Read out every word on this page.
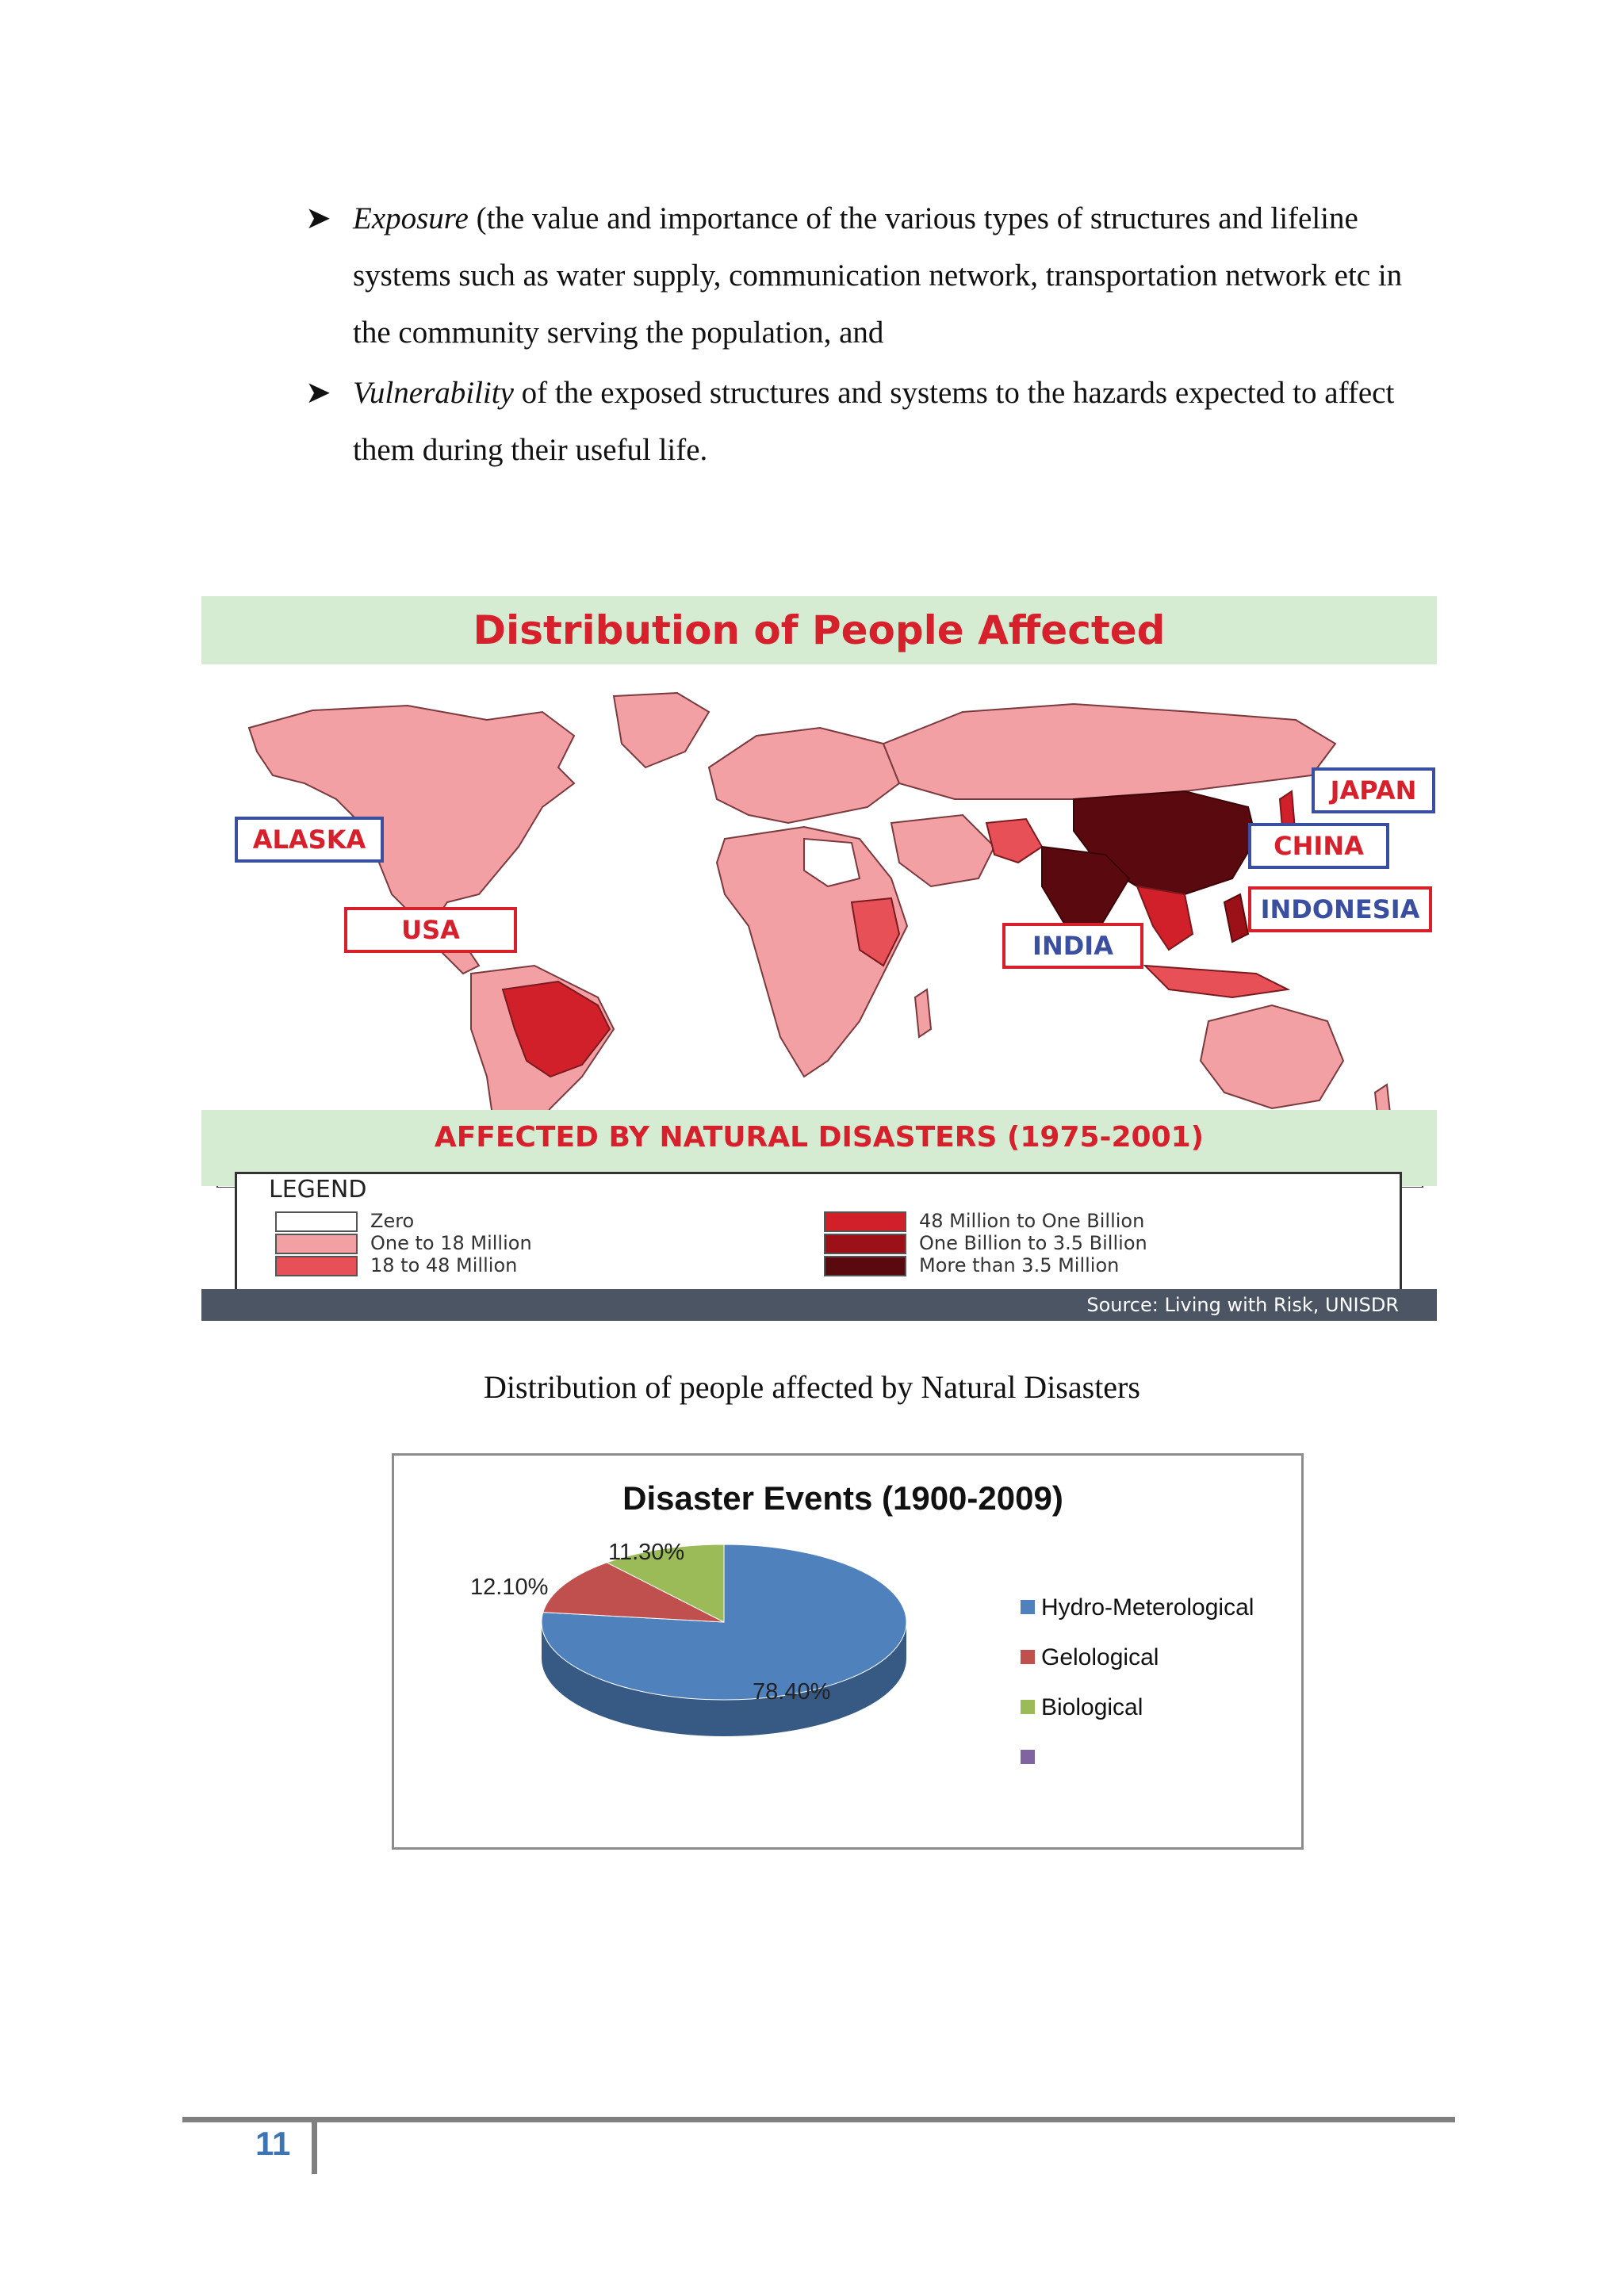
➤ Exposure (the value and importance of the various types of structures and lifeline systems such as water supply, communication network, transportation network etc in the community serving the population, and
➤ Vulnerability of the exposed structures and systems to the hazards expected to affect them during their useful life.
Distribution of People Affected
ALASKA
USA
INDIA
JAPAN
CHINA
INDONESIA
AFFECTED BY NATURAL DISASTERS (1975-2001)
LEGEND
Zero
One to 18 Million
18 to 48 Million
48 Million to One Billion
One Billion to 3.5 Billion
More than 3.5 Million
Source: Living with Risk, UNISDR
Distribution of people affected by Natural Disasters
Disaster Events (1900-2009)
78.40%
12.10%
11.30%
Hydro-Meterological
Gelological
Biological
11
